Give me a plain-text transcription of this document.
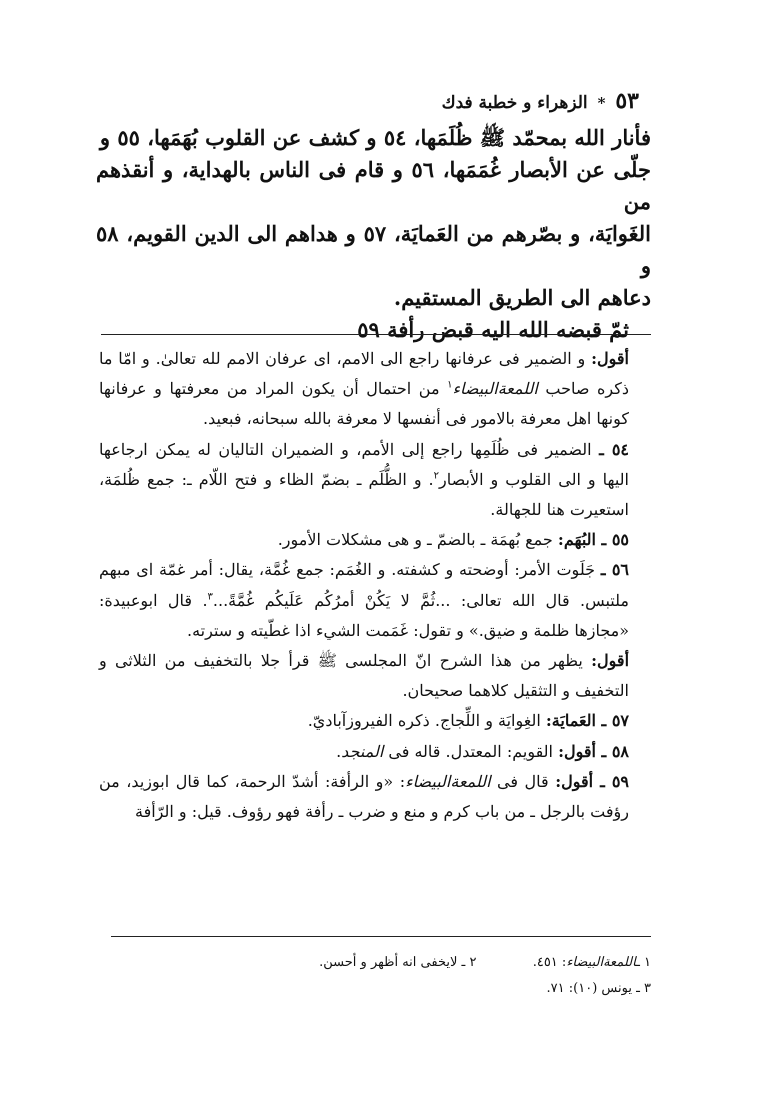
٥٣ * الزهراء و خطبة فدك

فأنار الله بمحمّد ﷺ ظُلَمَها، ٥٤ و كشف عن القلوب بُهَمَها، ٥٥ و

جلّى عن الأبصار غُمَمَها، ٥٦ و قام فى الناس بالهداية، و أنقذهم من

الغَوايَة، و بصّرهم من العَمايَة، ٥٧ و هداهم الى الدين القويم، ٥٨ و

دعاهم الى الطريق المستقيم.

ثمّ قبضه الله اليه قبض رأفة ٥٩

أقول: و الضمير فى عرفانها راجع الى الامم، اى عرفان الامم لله تعالىٰ. و امّا ما ذكره صاحب اللمعةالبيضاء$^١$ من احتمال أن يكون المراد من معرفتها و عرفانها كونها اهل معرفة بالامور فى أنفسها لا معرفة بالله سبحانه، فبعيد.

٥٤ ـ الضمير فى ظُلَمِها راجع إلى الأمم، و الضميران التاليان له يمكن ارجاعها اليها و الى القلوب و الأبصار$^٢$. و الظُّلَم ـ بضمّ الظاء و فتح اللّام ـ: جمع ظُلمَة، استعيرت هنا للجهالة.

٥٥ ـ البُهَم: جمع بُهمَة ـ بالضمّ ـ و هى مشكلات الأمور.

٥٦ ـ جَلَوت الأمر: أوضحته و كشفته. و الغُمَم: جمع غُمَّة، يقال: أمر غمّة اى مبهم ملتبس. قال الله تعالى: ...ثُمَّ لا يَكُنْ أمرُكُم عَلَيكُم غُمَّةً...$^٣$. قال ابوعبيدة: «مجازها ظلمة و ضيق.» و تقول: غَمَمت الشيء اذا غطّيته و سترته.

أقول: يظهر من هذا الشرح انّ المجلسى ﷺ قرأ جلا بالتخفيف من الثلاثى و التخفيف و التثقيل كلاهما صحيحان.

٥٧ ـ العَمايَة: الغِوايَة و اللِّجاج. ذكره الفيروزآباديّ.

٥٨ ـ أقول: القويم: المعتدل. قاله فى المنجد.

٥٩ ـ أقول: قال فى اللمعةالبيضاء: «و الرأفة: أشدّ الرحمة، كما قال ابوزيد، من رؤفت بالرجل ـ من باب كرم و منع و ضرب ـ رأفة فهو رؤوف. قيل: و الرّأفة

١ ـاللمعةالبيضاء: ٤٥١.  ٢ ـ لايخفى انه أظهر و أحسن.
٣ ـ يونس (١٠): ٧١.
